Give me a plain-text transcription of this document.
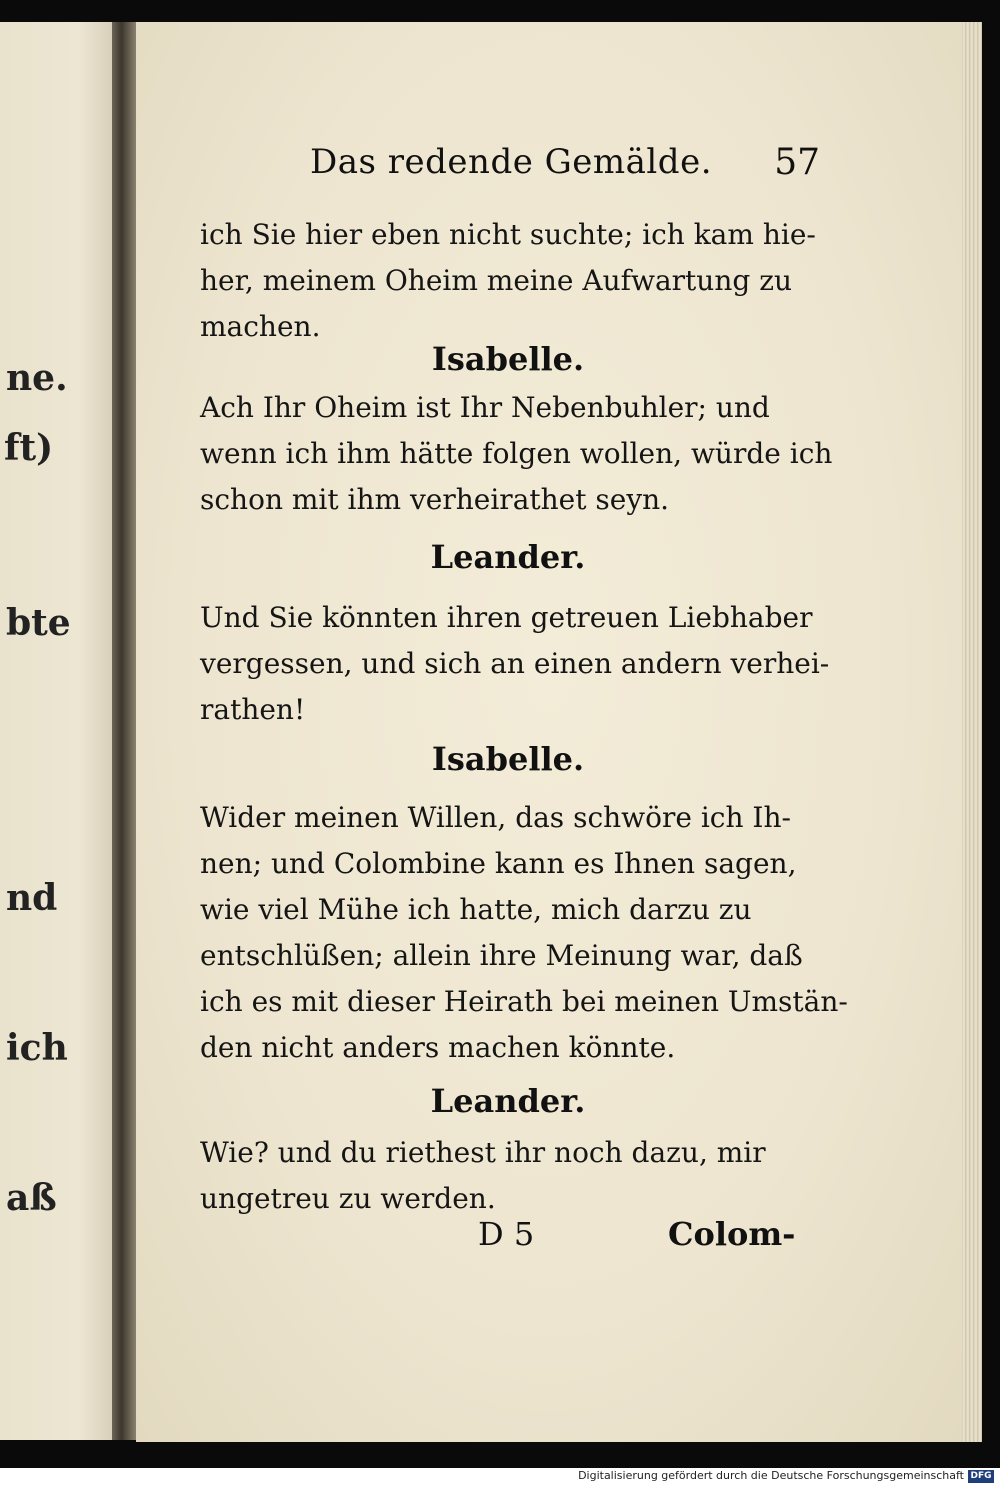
ne.
ft)
bte
nd
ich
aß
Das redende Gemälde. 57
ich Sie hier eben nicht suchte; ich kam hie-
her, meinem Oheim meine Aufwartung zu
machen.
Isabelle.
Ach Ihr Oheim ist Ihr Nebenbuhler; und
wenn ich ihm hätte folgen wollen, würde ich
schon mit ihm verheirathet seyn.
Leander.
Und Sie könnten ihren getreuen Liebhaber
vergessen, und sich an einen andern verhei-
rathen!
Isabelle.
Wider meinen Willen, das schwöre ich Ih-
nen; und Colombine kann es Ihnen sagen,
wie viel Mühe ich hatte, mich darzu zu
entschlüßen; allein ihre Meinung war, daß
ich es mit dieser Heirath bei meinen Umstän-
den nicht anders machen könnte.
Leander.
Wie? und du riethest ihr noch dazu, mir
ungetreu zu werden.
D 5	Colom-
Digitalisierung gefördert durch die Deutsche Forschungsgemeinschaft DFG
